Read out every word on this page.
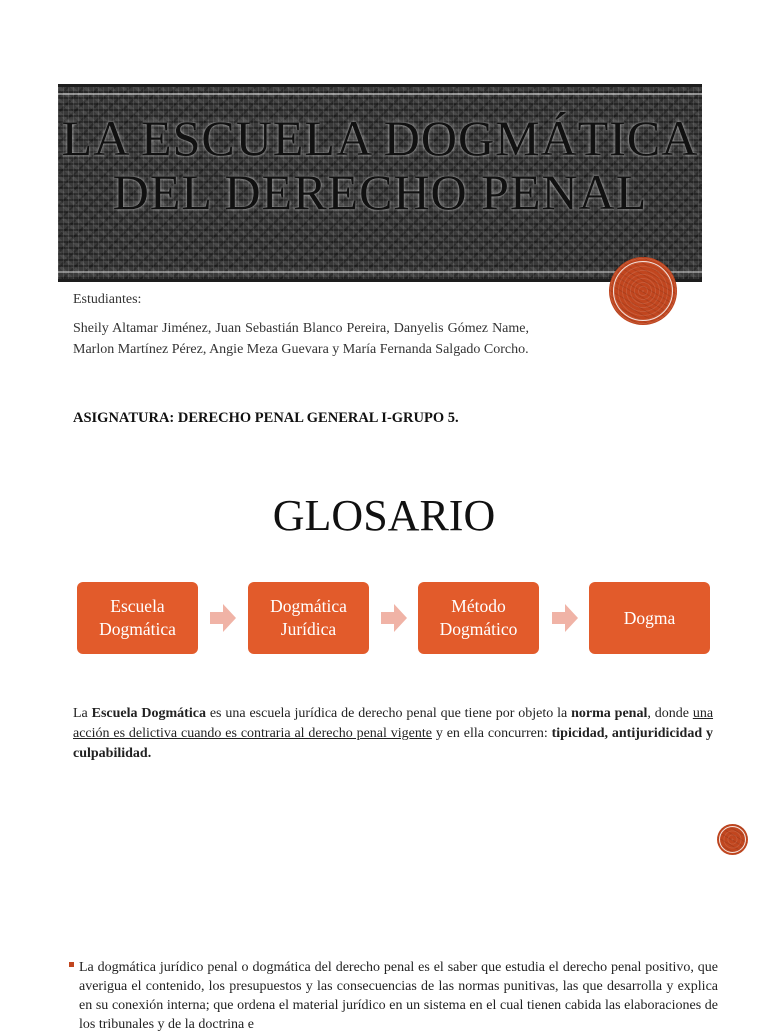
LA ESCUELA DOGMÁTICA DEL DERECHO PENAL
Estudiantes:
Sheily Altamar Jiménez, Juan Sebastián Blanco Pereira, Danyelis Gómez Name, Marlon Martínez Pérez, Angie Meza Guevara y María Fernanda Salgado Corcho.
ASIGNATURA: DERECHO PENAL GENERAL I-GRUPO 5.
GLOSARIO
Escuela Dogmática
Dogmática Jurídica
Método Dogmático
Dogma
La Escuela Dogmática es una escuela jurídica de derecho penal que tiene por objeto la norma penal, donde una acción es delictiva cuando es contraria al derecho penal vigente y en ella concurren: tipicidad, antijuridicidad y culpabilidad.
La dogmática jurídico penal o dogmática del derecho penal es el saber que estudia el derecho penal positivo, que averigua el contenido, los presupuestos y las consecuencias de las normas punitivas, las que desarrolla y explica en su conexión interna; que ordena el material jurídico en un sistema en el cual tienen cabida las elaboraciones de los tribunales y de la doctrina e
